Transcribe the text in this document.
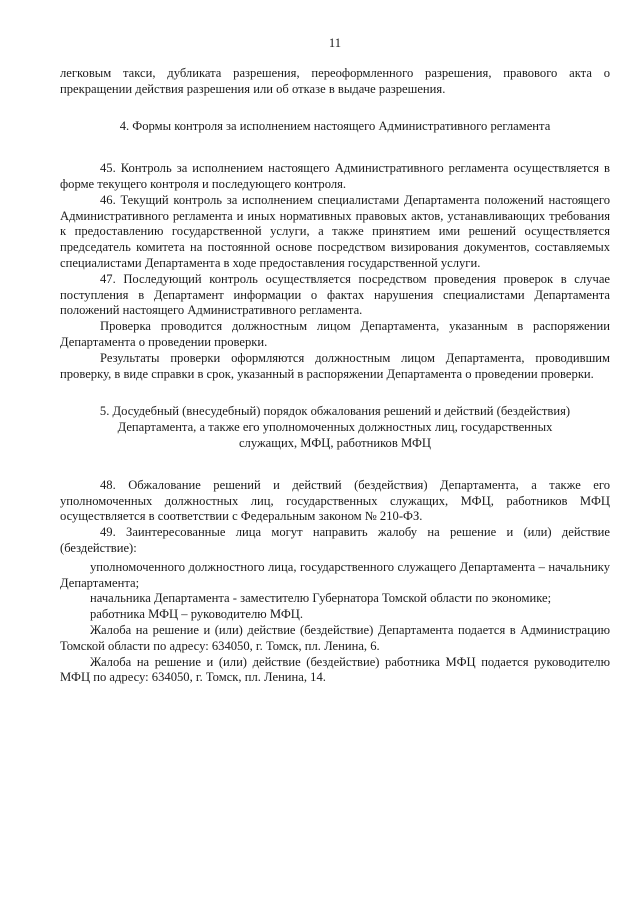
11

легковым такси, дубликата разрешения, переоформленного разрешения, правового акта о прекращении действия разрешения или об отказе в выдаче разрешения.

4. Формы контроля за исполнением настоящего Административного регламента

45. Контроль за исполнением настоящего Административного регламента осуществляется в форме текущего контроля и последующего контроля.

46. Текущий контроль за исполнением специалистами Департамента положений настоящего Административного регламента и иных нормативных правовых актов, устанавливающих требования к предоставлению государственной услуги, а также принятием ими решений осуществляется председатель комитета на постоянной основе посредством визирования документов, составляемых специалистами Департамента в ходе предоставления государственной услуги.

47. Последующий контроль осуществляется посредством проведения проверок в случае поступления в Департамент информации о фактах нарушения специалистами Департамента положений настоящего Административного регламента.

Проверка проводится должностным лицом Департамента, указанным в распоряжении Департамента о проведении проверки.

Результаты проверки оформляются должностным лицом Департамента, проводившим проверку, в виде справки в срок, указанный в распоряжении Департамента о проведении проверки.

5. Досудебный (внесудебный) порядок обжалования решений и действий (бездействия)
Департамента, а также его уполномоченных должностных лиц, государственных
служащих, МФЦ, работников МФЦ

48. Обжалование решений и действий (бездействия) Департамента, а также его уполномоченных должностных лиц, государственных служащих, МФЦ, работников МФЦ осуществляется в соответствии с Федеральным законом № 210-ФЗ.

49. Заинтересованные лица могут направить жалобу на решение и (или) действие (бездействие):

уполномоченного должностного лица, государственного служащего Департамента – начальнику Департамента;

начальника Департамента - заместителю Губернатора Томской области по экономике;

работника МФЦ – руководителю МФЦ.

Жалоба на решение и (или) действие (бездействие) Департамента подается в Администрацию Томской области по адресу: 634050, г. Томск, пл. Ленина, 6.

Жалоба на решение и (или) действие (бездействие) работника МФЦ подается руководителю МФЦ по адресу: 634050, г. Томск, пл. Ленина, 14.
